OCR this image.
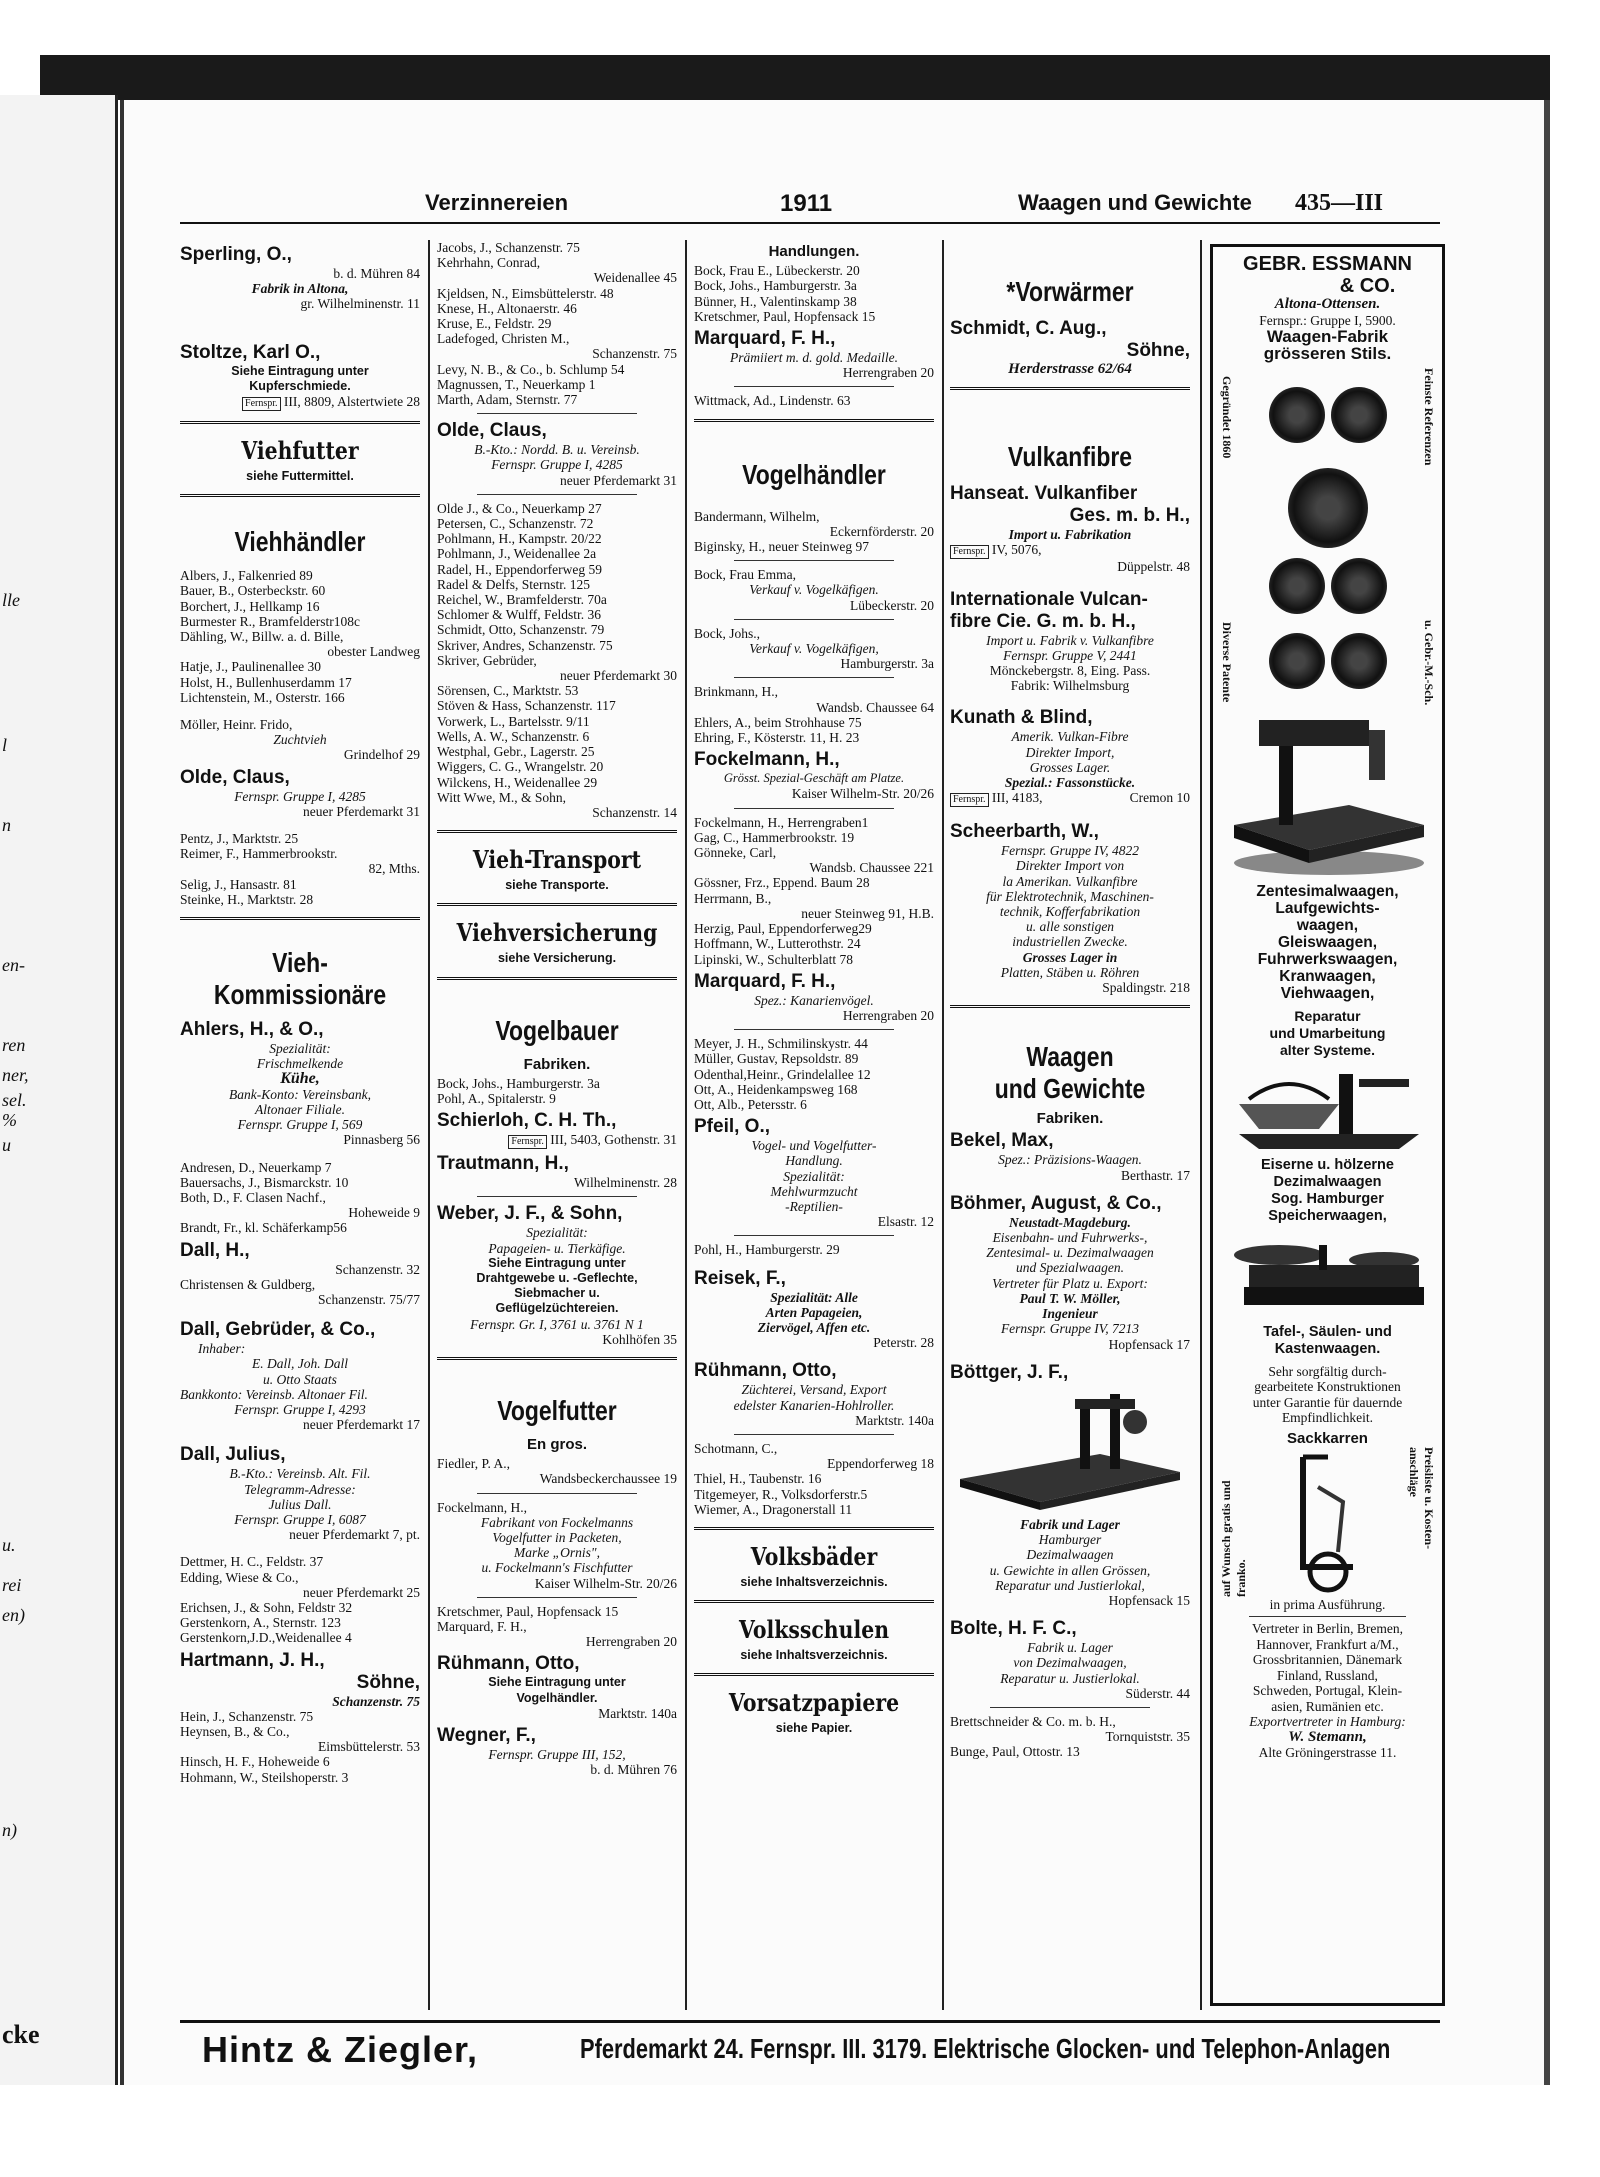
lle
l
n
en-
ren
ner,
sel.
%
u
u.
rei
en)
n)
cke
Verzinnereien	1911	Waagen und Gewichte 435—III
Sperling, O.,
b. d. Mühren 84
Fabrik in Altona,
gr. Wilhelminenstr. 11
Stoltze, Karl O.,
Siehe Eintragung unter
Kupferschmiede.
Fernspr. III, 8809, Alstertwiete 28
Viehfutter
siehe Futtermittel.
Viehhändler
Albers, J., Falkenried 89
Bauer, B., Osterbeckstr. 60
Borchert, J., Hellkamp 16
Burmester R., Bramfelderstr108c
Dähling, W., Billw. a. d. Bille,
obester Landweg
Hatje, J., Paulinenallee 30
Holst, H., Bullenhuserdamm 17
Lichtenstein, M., Osterstr. 166
Möller, Heinr. Frido,
Zuchtvieh
Grindelhof 29
Olde, Claus,
Fernspr. Gruppe I, 4285
neuer Pferdemarkt 31
Pentz, J., Marktstr. 25
Reimer, F., Hammerbrookstr.
82, Mths.
Selig, J., Hansastr. 81
Steinke, H., Marktstr. 28
Vieh-
Kommissionäre
Ahlers, H., & O.,
Spezialität:
Frischmelkende
Kühe,
Bank-Konto: Vereinsbank,
Altonaer Filiale.
Fernspr. Gruppe I, 569
Pinnasberg 56
Andresen, D., Neuerkamp 7
Bauersachs, J., Bismarckstr. 10
Both, D., F. Clasen Nachf.,
Hoheweide 9
Brandt, Fr., kl. Schäferkamp56
Dall, H.,
Schanzenstr. 32
Christensen & Guldberg,
Schanzenstr. 75/77
Dall, Gebrüder, & Co.,
Inhaber:
E. Dall, Joh. Dall
u. Otto Staats
Bankkonto: Vereinsb. Altonaer Fil.
Fernspr. Gruppe I, 4293
neuer Pferdemarkt 17
Dall, Julius,
B.-Kto.: Vereinsb. Alt. Fil.
Telegramm-Adresse:
Julius Dall.
Fernspr. Gruppe I, 6087
neuer Pferdemarkt 7, pt.
Dettmer, H. C., Feldstr. 37
Edding, Wiese & Co.,
neuer Pferdemarkt 25
Erichsen, J., & Sohn, Feldstr 32
Gerstenkorn, A., Sternstr. 123
Gerstenkorn,J.D.,Weidenallee 4
Hartmann, J. H.,
Söhne,
Schanzenstr. 75
Hein, J., Schanzenstr. 75
Heynsen, B., & Co.,
Eimsbüttelerstr. 53
Hinsch, H. F., Hoheweide 6
Hohmann, W., Steilshoperstr. 3
Jacobs, J., Schanzenstr. 75
Kehrhahn, Conrad,
Weidenallee 45
Kjeldsen, N., Eimsbüttelerstr. 48
Knese, H., Altonaerstr. 46
Kruse, E., Feldstr. 29
Ladefoged, Christen M.,
Schanzenstr. 75
Levy, N. B., & Co., b. Schlump 54
Magnussen, T., Neuerkamp 1
Marth, Adam, Sternstr. 77
Olde, Claus,
B.-Kto.: Nordd. B. u. Vereinsb.
Fernspr. Gruppe I, 4285
neuer Pferdemarkt 31
Olde J., & Co., Neuerkamp 27
Petersen, C., Schanzenstr. 72
Pohlmann, H., Kampstr. 20/22
Pohlmann, J., Weidenallee 2a
Radel, H., Eppendorferweg 59
Radel & Delfs, Sternstr. 125
Reichel, W., Bramfelderstr. 70a
Schlomer & Wulff, Feldstr. 36
Schmidt, Otto, Schanzenstr. 79
Skriver, Andres, Schanzenstr. 75
Skriver, Gebrüder,
neuer Pferdemarkt 30
Sörensen, C., Marktstr. 53
Stöven & Hass, Schanzenstr. 117
Vorwerk, L., Bartelsstr. 9/11
Wells, A. W., Schanzenstr. 6
Westphal, Gebr., Lagerstr. 25
Wiggers, C. G., Wrangelstr. 20
Wilckens, H., Weidenallee 29
Witt Wwe, M., & Sohn,
Schanzenstr. 14
Vieh-Transport
siehe Transporte.
Viehversicherung
siehe Versicherung.
Vogelbauer
Fabriken.
Bock, Johs., Hamburgerstr. 3a
Pohl, A., Spitalerstr. 9
Schierloh, C. H. Th.,
Fernspr. III, 5403, Gothenstr. 31
Trautmann, H.,
Wilhelminenstr. 28
Weber, J. F., & Sohn,
Spezialität:
Papageien- u. Tierkäfige.
Siehe Eintragung unter
Drahtgewebe u. -Geflechte,
Siebmacher u.
Geflügelzüchtereien.
Fernspr. Gr. I, 3761 u. 3761 N 1
Kohlhöfen 35
Vogelfutter
En gros.
Fiedler, P. A.,
Wandsbeckerchaussee 19
Fockelmann, H.,
Fabrikant von Fockelmanns
Vogelfutter in Packeten,
Marke „Ornis",
u. Fockelmann's Fischfutter
Kaiser Wilhelm-Str. 20/26
Kretschmer, Paul, Hopfensack 15
Marquard, F. H.,
Herrengraben 20
Rühmann, Otto,
Siehe Eintragung unter
Vogelhändler.
Marktstr. 140a
Wegner, F.,
Fernspr. Gruppe III, 152,
b. d. Mühren 76
Handlungen.
Bock, Frau E., Lübeckerstr. 20
Bock, Johs., Hamburgerstr. 3a
Bünner, H., Valentinskamp 38
Kretschmer, Paul, Hopfensack 15
Marquard, F. H.,
Prämiiert m. d. gold. Medaille.
Herrengraben 20
Wittmack, Ad., Lindenstr. 63
Vogelhändler
Bandermann, Wilhelm,
Eckernförderstr. 20
Biginsky, H., neuer Steinweg 97
Bock, Frau Emma,
Verkauf v. Vogelkäfigen.
Lübeckerstr. 20
Bock, Johs.,
Verkauf v. Vogelkäfigen,
Hamburgerstr. 3a
Brinkmann, H.,
Wandsb. Chaussee 64
Ehlers, A., beim Strohhause 75
Ehring, F., Kösterstr. 11, H. 23
Fockelmann, H.,
Grösst. Spezial-Geschäft am Platze.
Kaiser Wilhelm-Str. 20/26
Fockelmann, H., Herrengraben1
Gag, C., Hammerbrookstr. 19
Gönneke, Carl,
Wandsb. Chaussee 221
Gössner, Frz., Eppend. Baum 28
Herrmann, B.,
neuer Steinweg 91, H.B.
Herzig, Paul, Eppendorferweg29
Hoffmann, W., Lutterothstr. 24
Lipinski, W., Schulterblatt 78
Marquard, F. H.,
Spez.: Kanarienvögel.
Herrengraben 20
Meyer, J. H., Schmilinskystr. 44
Müller, Gustav, Repsoldstr. 89
Odenthal,Heinr., Grindelallee 12
Ott, A., Heidenkampsweg 168
Ott, Alb., Petersstr. 6
Pfeil, O.,
Vogel- und Vogelfutter-
Handlung.
Spezialität:
Mehlwurmzucht
-Reptilien-
Elsastr. 12
Pohl, H., Hamburgerstr. 29
Reisek, F.,
Spezialität: Alle
Arten Papageien,
Ziervögel, Affen etc.
Peterstr. 28
Rühmann, Otto,
Züchterei, Versand, Export
edelster Kanarien-Hohlroller.
Marktstr. 140a
Schotmann, C.,
Eppendorferweg 18
Thiel, H., Taubenstr. 16
Titgemeyer, R., Volksdorferstr.5
Wiemer, A., Dragonerstall 11
Volksbäder
siehe Inhaltsverzeichnis.
Volksschulen
siehe Inhaltsverzeichnis.
Vorsatzpapiere
siehe Papier.
*Vorwärmer
Schmidt, C. Aug.,
Söhne,
Herderstrasse 62/64
Vulkanfibre
Hanseat. Vulkanfiber
Ges. m. b. H.,
Import u. Fabrikation
Fernspr. IV, 5076,
Düppelstr. 48
Internationale Vulcan-
fibre Cie. G. m. b. H.,
Import u. Fabrik v. Vulkanfibre
Fernspr. Gruppe V, 2441
Mönckebergstr. 8, Eing. Pass.
Fabrik: Wilhelmsburg
Kunath & Blind,
Amerik. Vulkan-Fibre
Direkter Import,
Grosses Lager.
Spezial.: Fassonstücke.
Fernspr. III, 4183,	Cremon 10
Scheerbarth, W.,
Fernspr. Gruppe IV, 4822
Direkter Import von
la Amerikan. Vulkanfibre
für Elektrotechnik, Maschinen-
technik, Kofferfabrikation
u. alle sonstigen
industriellen Zwecke.
Grosses Lager in
Platten, Stäben u. Röhren
Spaldingstr. 218
Waagen
und Gewichte
Fabriken.
Bekel, Max,
Spez.: Präzisions-Waagen.
Berthastr. 17
Böhmer, August, & Co.,
Neustadt-Magdeburg.
Eisenbahn- und Fuhrwerks-,
Zentesimal- u. Dezimalwaagen
und Spezialwaagen.
Vertreter für Platz u. Export:
Paul T. W. Möller,
Ingenieur
Fernspr. Gruppe IV, 7213
Hopfensack 17
Böttger, J. F.,
Fabrik und Lager
Hamburger
Dezimalwaagen
u. Gewichte in allen Grössen,
Reparatur und Justierlokal,
Hopfensack 15
Bolte, H. F. C.,
Fabrik u. Lager
von Dezimalwaagen,
Reparatur u. Justierlokal.
Süderstr. 44
Brettschneider & Co. m. b. H.,
Tornquiststr. 35
Bunge, Paul, Ottostr. 13
GEBR. ESSMANN
& CO.
Altona-Ottensen.
Fernspr.: Gruppe I, 5900.
Waagen-Fabrik
grösseren Stils.
Gegründet 1860	Feinste Referenzen
Diverse Patente	u. Gebr.-M.-Sch.
Zentesimalwaagen,
Laufgewichts-
waagen,
Gleiswaagen,
Fuhrwerkswaagen,
Kranwaagen,
Viehwaagen,
Reparatur
und Umarbeitung
alter Systeme.
Eiserne u. hölzerne
Dezimalwaagen
Sog. Hamburger
Speicherwaagen,
Tafel-, Säulen- und
Kastenwaagen.
Sehr sorgfältig durch-
gearbeitete Konstruktionen
unter Garantie für dauernde
Empfindlichkeit.
Sackkarren
auf Wunsch gratis und franko.
Preisliste u. Kosten-anschläge
in prima Ausführung.
Vertreter in Berlin, Bremen,
Hannover, Frankfurt a/M.,
Grossbritannien, Dänemark
Finland, Russland,
Schweden, Portugal, Klein-
asien, Rumänien etc.
Exportvertreter in Hamburg:
W. Stemann,
Alte Gröningerstrasse 11.
Hintz & Ziegler,	Pferdemarkt 24. Fernspr. III. 3179. Elektrische Glocken- und Telephon-Anlagen
